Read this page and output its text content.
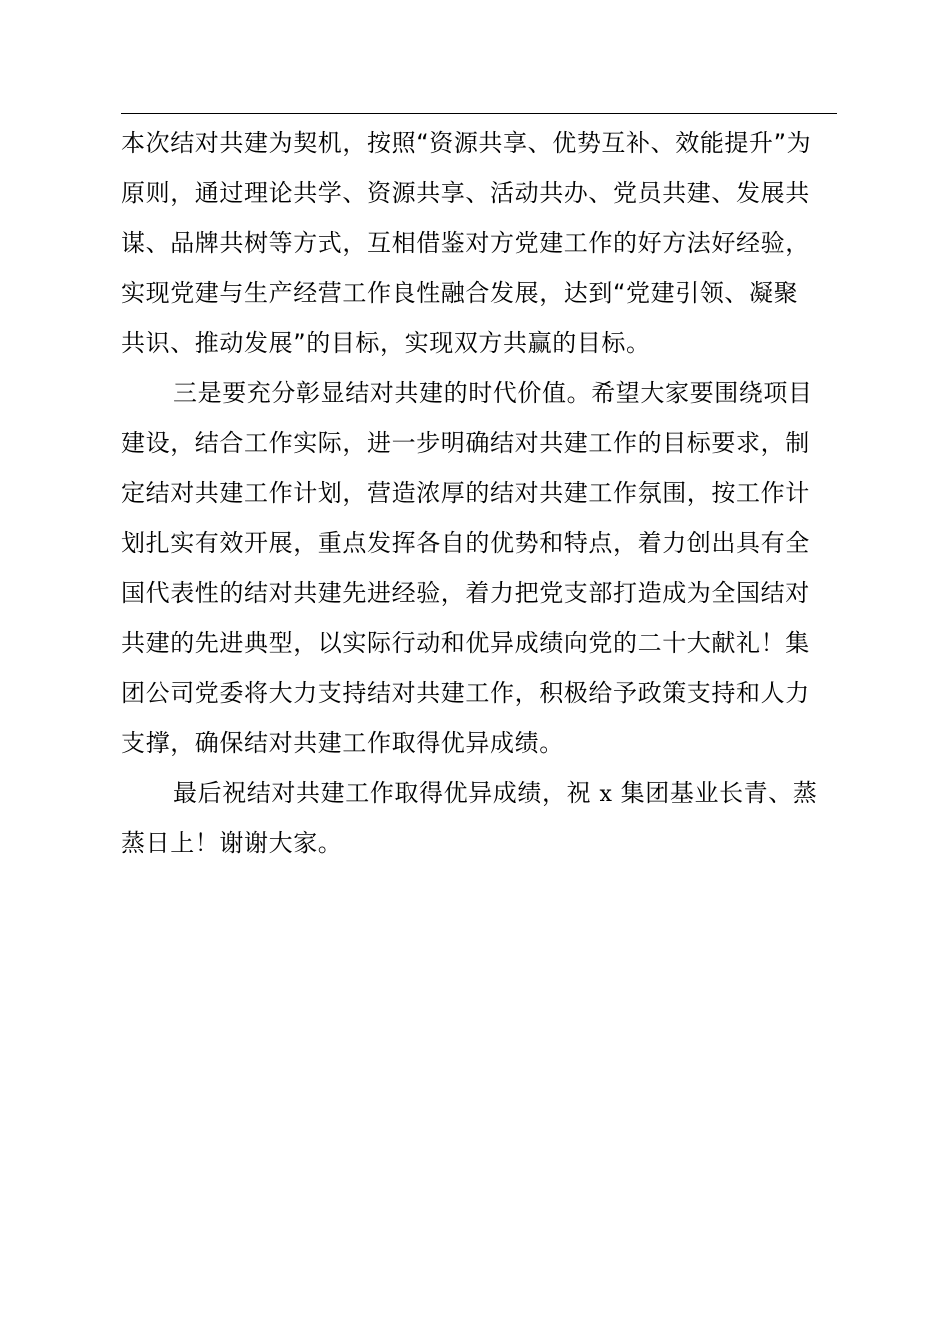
本次结对共建为契机，按照“资源共享、优势互补、效能提升”为
原则，通过理论共学、资源共享、活动共办、党员共建、发展共
谋、品牌共树等方式，互相借鉴对方党建工作的好方法好经验，
实现党建与生产经营工作良性融合发展，达到“党建引领、凝聚
共识、推动发展”的目标，实现双方共赢的目标。
三是要充分彰显结对共建的时代价值。希望大家要围绕项目
建设，结合工作实际，进一步明确结对共建工作的目标要求，制
定结对共建工作计划，营造浓厚的结对共建工作氛围，按工作计
划扎实有效开展，重点发挥各自的优势和特点，着力创出具有全
国代表性的结对共建先进经验，着力把党支部打造成为全国结对
共建的先进典型，以实际行动和优异成绩向党的二十大献礼！集
团公司党委将大力支持结对共建工作，积极给予政策支持和人力
支撑，确保结对共建工作取得优异成绩。
最后祝结对共建工作取得优异成绩，祝 x 集团基业长青、蒸
蒸日上！谢谢大家。
